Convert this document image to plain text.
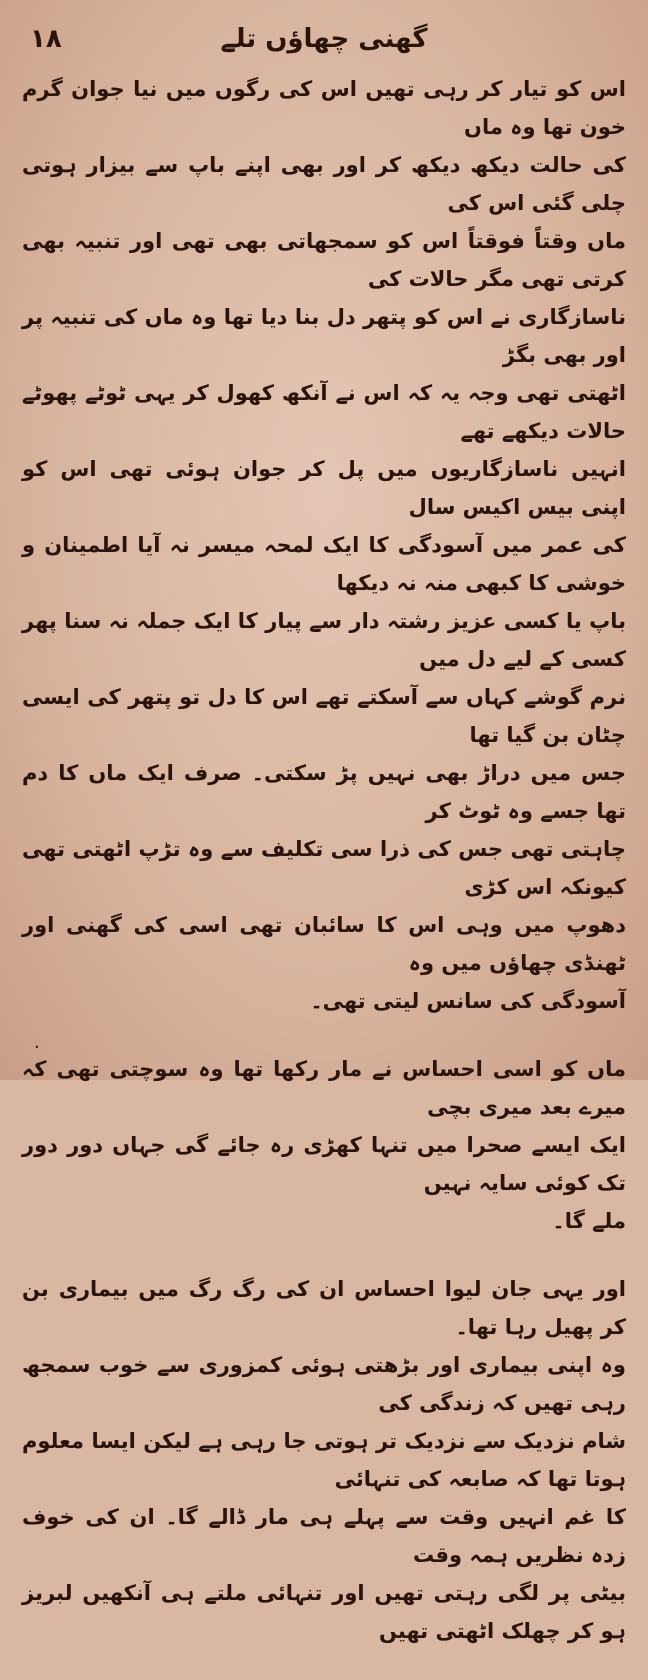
۱۸	گھنی چھاؤں تلے

اس کو تیار کر رہی تھیں اس کی رگوں میں نیا جوان گرم خون تھا وہ ماں

کی حالت دیکھ دیکھ کر اور بھی اپنے باپ سے بیزار ہوتی چلی گئی اس کی

ماں وقتاً فوقتاً اس کو سمجھاتی بھی تھی اور تنبیہ بھی کرتی تھی مگر حالات کی

ناسازگاری نے اس کو پتھر دل بنا دیا تھا وہ ماں کی تنبیہ پر اور بھی بگڑ

اٹھتی تھی وجہ یہ کہ اس نے آنکھ کھول کر یہی ٹوٹے پھوٹے حالات دیکھے تھے

انہیں ناسازگاریوں میں پل کر جوان ہوئی تھی اس کو اپنی بیس اکیس سال

کی عمر میں آسودگی کا ایک لمحہ میسر نہ آیا اطمینان و خوشی کا کبھی منہ نہ دیکھا

باپ یا کسی عزیز رشتہ دار سے پیار کا ایک جملہ نہ سنا پھر کسی کے لیے دل میں

نرم گوشے کہاں سے آسکتے تھے اس کا دل تو پتھر کی ایسی چٹان بن گیا تھا

جس میں دراڑ بھی نہیں پڑ سکتی۔ صرف ایک ماں کا دم تھا جسے وہ ٹوٹ کر

چاہتی تھی جس کی ذرا سی تکلیف سے وہ تڑپ اٹھتی تھی کیونکہ اس کڑی

دھوپ میں وہی اس کا سائبان تھی اسی کی گھنی اور ٹھنڈی چھاؤں میں وہ

آسودگی کی سانس لیتی تھی۔

ماں کو اسی احساس نے مار رکھا تھا وہ سوچتی تھی کہ میرے بعد میری بچی

ایک ایسے صحرا میں تنہا کھڑی رہ جائے گی جہاں دور دور تک کوئی سایہ نہیں

ملے گا۔

اور یہی جان لیوا احساس ان کی رگ رگ میں بیماری بن کر پھیل رہا تھا۔

وہ اپنی بیماری اور بڑھتی ہوئی کمزوری سے خوب سمجھ رہی تھیں کہ زندگی کی

شام نزدیک سے نزدیک تر ہوتی جا رہی ہے لیکن ایسا معلوم ہوتا تھا کہ صابعہ کی تنہائی

کا غم انہیں وقت سے پہلے ہی مار ڈالے گا۔ ان کی خوف زدہ نظریں ہمہ وقت

بیٹی پر لگی رہتی تھیں اور تنہائی ملتے ہی آنکھیں لبریز ہو کر چھلک اٹھتی تھیں

·
